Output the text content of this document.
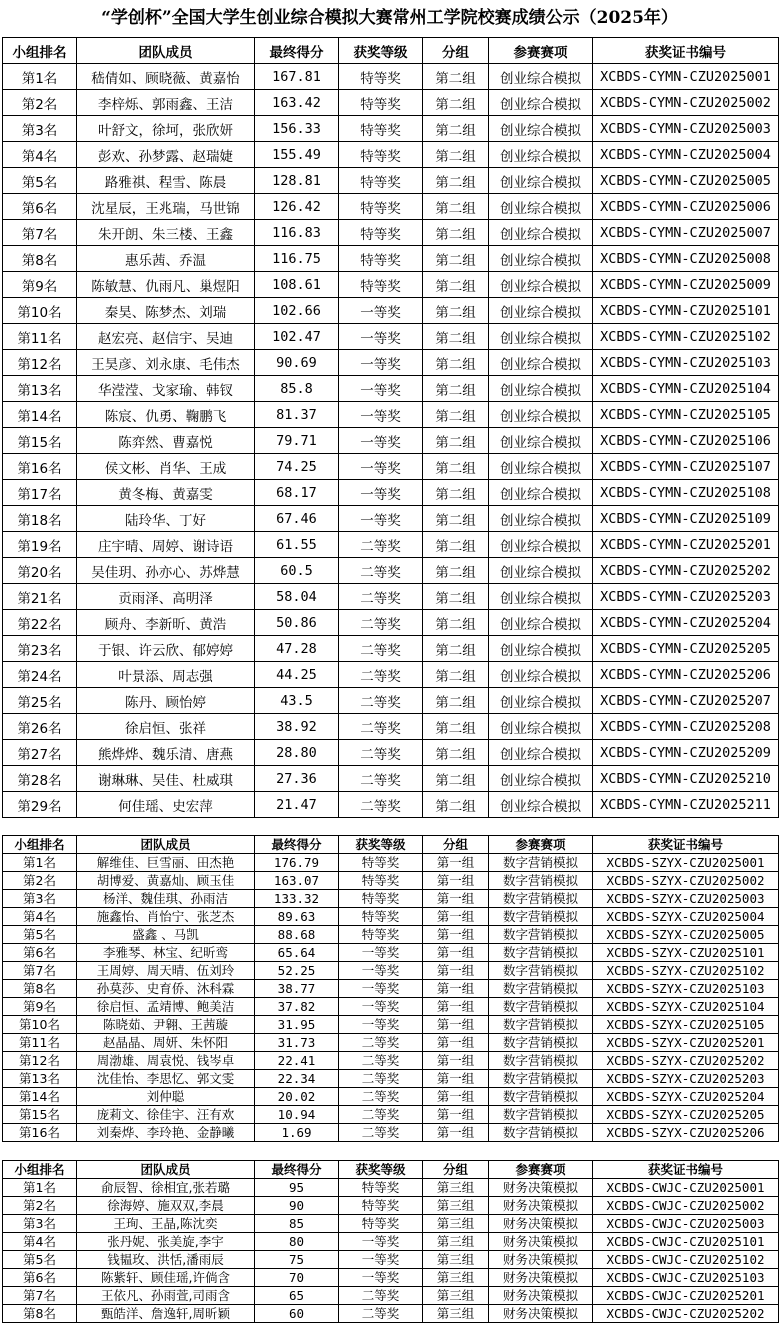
“学创杯”全国大学生创业综合模拟大赛常州工学院校赛成绩公示（2025年）
小组排名	团队成员	最终得分	获奖等级	分组	参赛赛项	获奖证书编号
第1名	嵇倩如、顾晓薇、黄嘉怡	167.81	特等奖	第二组	创业综合模拟	XCBDS-CYMN-CZU2025001
第2名	李梓烁、郭雨鑫、王洁	163.42	特等奖	第二组	创业综合模拟	XCBDS-CYMN-CZU2025002
第3名	叶舒文，徐坷，张欣妍	156.33	特等奖	第二组	创业综合模拟	XCBDS-CYMN-CZU2025003
第4名	彭欢、孙梦露、赵瑞婕	155.49	特等奖	第二组	创业综合模拟	XCBDS-CYMN-CZU2025004
第5名	路雅祺、程雪、陈晨	128.81	特等奖	第二组	创业综合模拟	XCBDS-CYMN-CZU2025005
第6名	沈星辰，王兆瑞，马世锦	126.42	特等奖	第二组	创业综合模拟	XCBDS-CYMN-CZU2025006
第7名	朱开朗、朱三楼、王鑫	116.83	特等奖	第二组	创业综合模拟	XCBDS-CYMN-CZU2025007
第8名	惠乐茜、乔温	116.75	特等奖	第二组	创业综合模拟	XCBDS-CYMN-CZU2025008
第9名	陈敏慧、仇雨凡、巢煜阳	108.61	特等奖	第二组	创业综合模拟	XCBDS-CYMN-CZU2025009
第10名	秦昊、陈梦杰、刘瑞	102.66	一等奖	第二组	创业综合模拟	XCBDS-CYMN-CZU2025101
第11名	赵宏亮、赵信宇、吴迪	102.47	一等奖	第二组	创业综合模拟	XCBDS-CYMN-CZU2025102
第12名	王昊彦、刘永康、毛伟杰	90.69	一等奖	第二组	创业综合模拟	XCBDS-CYMN-CZU2025103
第13名	华滢滢、戈家瑜、韩钗	85.8	一等奖	第二组	创业综合模拟	XCBDS-CYMN-CZU2025104
第14名	陈宸、仇勇、鞠鹏飞	81.37	一等奖	第二组	创业综合模拟	XCBDS-CYMN-CZU2025105
第15名	陈弈然、曹嘉悦	79.71	一等奖	第二组	创业综合模拟	XCBDS-CYMN-CZU2025106
第16名	侯文彬、肖华、王成	74.25	一等奖	第二组	创业综合模拟	XCBDS-CYMN-CZU2025107
第17名	黄冬梅、黄嘉雯	68.17	一等奖	第二组	创业综合模拟	XCBDS-CYMN-CZU2025108
第18名	陆玲华、丁好	67.46	一等奖	第二组	创业综合模拟	XCBDS-CYMN-CZU2025109
第19名	庄宇晴、周婷、谢诗语	61.55	二等奖	第二组	创业综合模拟	XCBDS-CYMN-CZU2025201
第20名	吴佳玥、孙亦心、苏烨慧	60.5	二等奖	第二组	创业综合模拟	XCBDS-CYMN-CZU2025202
第21名	贡雨泽、高明泽	58.04	二等奖	第二组	创业综合模拟	XCBDS-CYMN-CZU2025203
第22名	顾舟、李新昕、黄浩	50.86	二等奖	第二组	创业综合模拟	XCBDS-CYMN-CZU2025204
第23名	于银、许云欣、郁婷婷	47.28	二等奖	第二组	创业综合模拟	XCBDS-CYMN-CZU2025205
第24名	叶景添、周志强	44.25	二等奖	第二组	创业综合模拟	XCBDS-CYMN-CZU2025206
第25名	陈丹、顾怡婷	43.5	二等奖	第二组	创业综合模拟	XCBDS-CYMN-CZU2025207
第26名	徐启恒、张祥	38.92	二等奖	第二组	创业综合模拟	XCBDS-CYMN-CZU2025208
第27名	熊烨烨、魏乐清、唐燕	28.80	二等奖	第二组	创业综合模拟	XCBDS-CYMN-CZU2025209
第28名	谢琳琳、吴佳、杜威琪	27.36	二等奖	第二组	创业综合模拟	XCBDS-CYMN-CZU2025210
第29名	何佳瑶、史宏萍	21.47	二等奖	第二组	创业综合模拟	XCBDS-CYMN-CZU2025211
小组排名	团队成员	最终得分	获奖等级	分组	参赛赛项	获奖证书编号
第1名	解维佳、巨雪丽、田杰艳	176.79	特等奖	第一组	数字营销模拟	XCBDS-SZYX-CZU2025001
第2名	胡博爱、黄嘉灿、顾玉佳	163.07	特等奖	第一组	数字营销模拟	XCBDS-SZYX-CZU2025002
第3名	杨洋、魏佳琪、孙雨洁	133.32	特等奖	第一组	数字营销模拟	XCBDS-SZYX-CZU2025003
第4名	施鑫怡、肖怡宁、张芝杰	89.63	特等奖	第一组	数字营销模拟	XCBDS-SZYX-CZU2025004
第5名	盛鑫 、马凯	88.68	特等奖	第一组	数字营销模拟	XCBDS-SZYX-CZU2025005
第6名	李雅琴、林宝、纪昕鸾	65.64	一等奖	第一组	数字营销模拟	XCBDS-SZYX-CZU2025101
第7名	王周婷、周天晴、伍刘玲	52.25	一等奖	第一组	数字营销模拟	XCBDS-SZYX-CZU2025102
第8名	孙莫莎、史育侨、沐科霖	38.77	一等奖	第一组	数字营销模拟	XCBDS-SZYX-CZU2025103
第9名	徐启恒、孟靖博、鲍美洁	37.82	一等奖	第一组	数字营销模拟	XCBDS-SZYX-CZU2025104
第10名	陈晓茹、尹翱、王茜璇	31.95	一等奖	第一组	数字营销模拟	XCBDS-SZYX-CZU2025105
第11名	赵晶晶、周妍、朱怀阳	31.73	二等奖	第一组	数字营销模拟	XCBDS-SZYX-CZU2025201
第12名	周渤雄、周袁悦、钱岑卓	22.41	二等奖	第一组	数字营销模拟	XCBDS-SZYX-CZU2025202
第13名	沈佳怡、李思忆、郭文雯	22.34	二等奖	第一组	数字营销模拟	XCBDS-SZYX-CZU2025203
第14名	刘仲聪	20.02	二等奖	第一组	数字营销模拟	XCBDS-SZYX-CZU2025204
第15名	庞莉文、徐佳宇、汪有欢	10.94	二等奖	第一组	数字营销模拟	XCBDS-SZYX-CZU2025205
第16名	刘秦烨、李玲艳、金静曦	1.69	二等奖	第一组	数字营销模拟	XCBDS-SZYX-CZU2025206
小组排名	团队成员	最终得分	获奖等级	分组	参赛赛项	获奖证书编号
第1名	俞辰智、徐相宜,张若璐	95	特等奖	第三组	财务决策模拟	XCBDS-CWJC-CZU2025001
第2名	徐海婷、施双双,李晨	90	特等奖	第三组	财务决策模拟	XCBDS-CWJC-CZU2025002
第3名	王珣、王晶,陈沈奕	85	特等奖	第三组	财务决策模拟	XCBDS-CWJC-CZU2025003
第4名	张丹妮、张美旋,李宇	80	一等奖	第三组	财务决策模拟	XCBDS-CWJC-CZU2025101
第5名	钱韫玫、洪恬,潘雨辰	75	一等奖	第三组	财务决策模拟	XCBDS-CWJC-CZU2025102
第6名	陈紫轩、顾佳瑶,许倘含	70	一等奖	第三组	财务决策模拟	XCBDS-CWJC-CZU2025103
第7名	王依凡、孙雨萱,司雨含	65	二等奖	第三组	财务决策模拟	XCBDS-CWJC-CZU2025201
第8名	甄皓洋、詹逸轩,周昕颖	60	二等奖	第三组	财务决策模拟	XCBDS-CWJC-CZU2025202
